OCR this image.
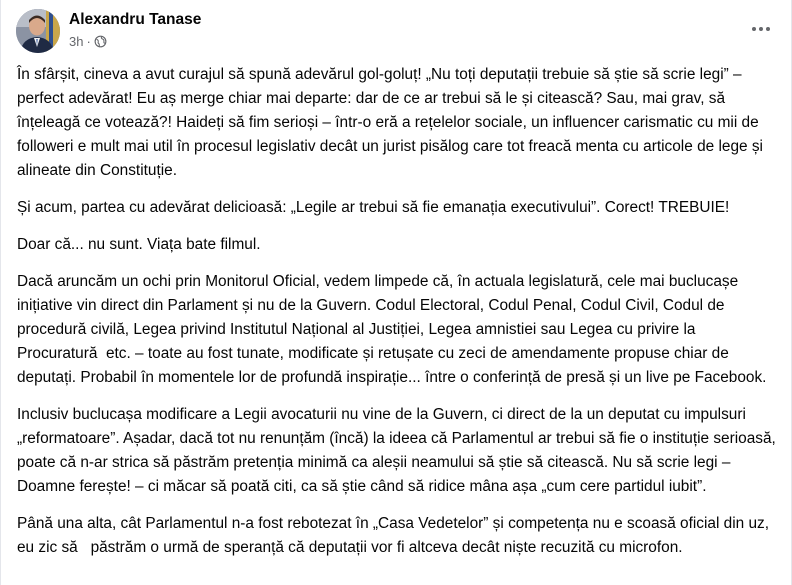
Alexandru Tanase
3h ·

În sfârșit, cineva a avut curajul să spună adevărul gol-goluț! „Nu toți deputații trebuie să știe să scrie legi” – perfect adevărat! Eu aș merge chiar mai departe: dar de ce ar trebui să le și citească? Sau, mai grav, să înțeleagă ce votează?! Haideți să fim serioși – într-o eră a rețelelor sociale, un influencer carismatic cu mii de followeri e mult mai util în procesul legislativ decât un jurist pisălog care tot freacă menta cu articole de lege și alineate din Constituție.

Și acum, partea cu adevărat delicioasă: „Legile ar trebui să fie emanația executivului”. Corect! TREBUIE!

Doar că... nu sunt. Viața bate filmul.

Dacă aruncăm un ochi prin Monitorul Oficial, vedem limpede că, în actuala legislatură, cele mai buclucașe inițiative vin direct din Parlament și nu de la Guvern. Codul Electoral, Codul Penal, Codul Civil, Codul de procedură civilă, Legea privind Institutul Național al Justiției, Legea amnistiei sau Legea cu privire la Procuratură  etc. – toate au fost tunate, modificate și retușate cu zeci de amendamente propuse chiar de deputați. Probabil în momentele lor de profundă inspirație... între o conferință de presă și un live pe Facebook.

Inclusiv buclucașa modificare a Legii avocaturii nu vine de la Guvern, ci direct de la un deputat cu impulsuri  „reformatoare”. Așadar, dacă tot nu renunțăm (încă) la ideea că Parlamentul ar trebui să fie o instituție serioasă, poate că n-ar strica să păstrăm pretenția minimă ca aleșii neamului să știe să citească. Nu să scrie legi – Doamne ferește! – ci măcar să poată citi, ca să știe când să ridice mâna așa „cum cere partidul iubit”.

Până una alta, cât Parlamentul n-a fost rebotezat în „Casa Vedetelor” și competența nu e scoasă oficial din uz, eu zic să   păstrăm o urmă de speranță că deputații vor fi altceva decât niște recuzită cu microfon.
